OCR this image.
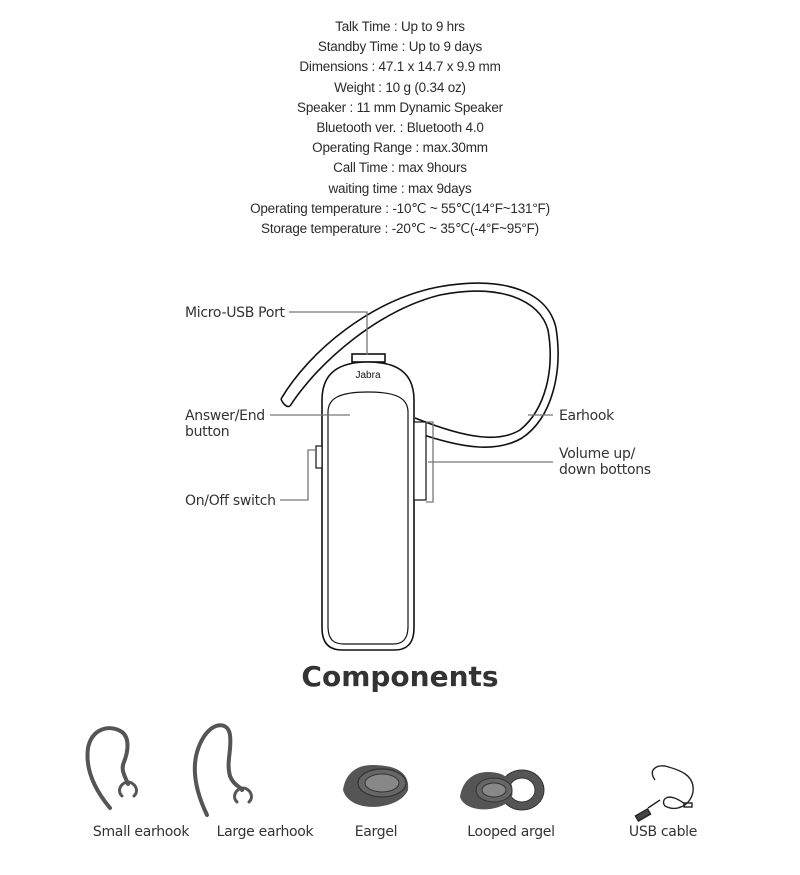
Talk Time : Up to 9 hrs
Standby Time : Up to 9 days
Dimensions : 47.1 x 14.7 x 9.9 mm
Weight : 10 g (0.34 oz)
Speaker : 11 mm Dynamic Speaker
Bluetooth ver. : Bluetooth 4.0
Operating Range : max.30mm
Call Time : max 9hours
waiting time : max 9days
Operating temperature : -10℃ ~ 55℃(14°F~131°F)
Storage temperature : -20℃ ~ 35℃(-4°F~95°F)
Jabra
Micro-USB Port
Answer/End
button
On/Off switch
Earhook
Volume up/
down bottons
Components
Small earhook	Large earhook	Eargel	Looped argel	USB cable
